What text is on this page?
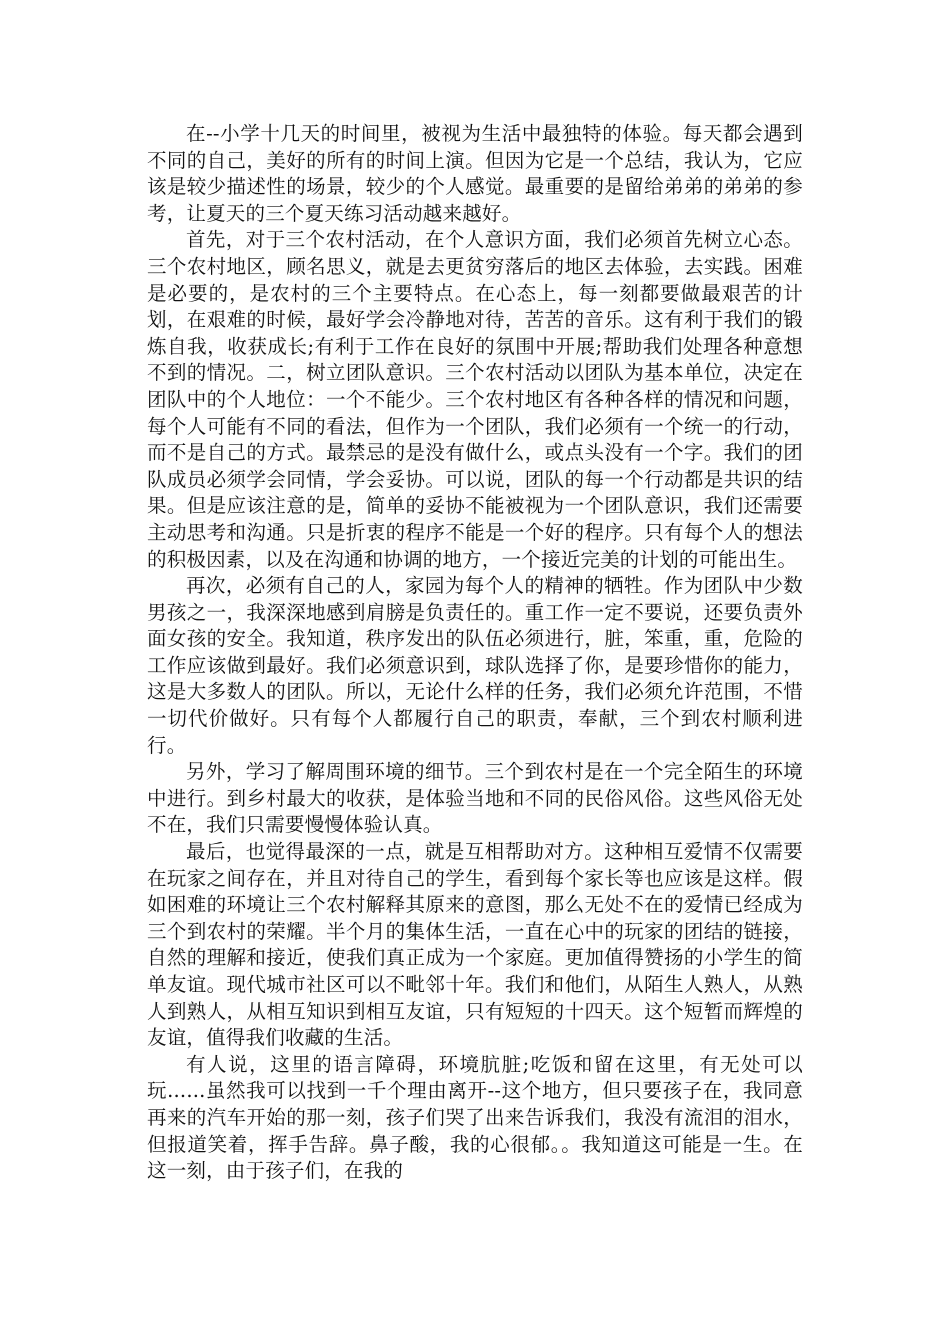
在--小学十几天的时间里，被视为生活中最独特的体验。每天都会遇到不同的自己，美好的所有的时间上演。但因为它是一个总结，我认为，它应该是较少描述性的场景，较少的个人感觉。最重要的是留给弟弟的弟弟的参考，让夏天的三个夏天练习活动越来越好。

首先，对于三个农村活动，在个人意识方面，我们必须首先树立心态。三个农村地区，顾名思义，就是去更贫穷落后的地区去体验，去实践。困难是必要的，是农村的三个主要特点。在心态上，每一刻都要做最艰苦的计划，在艰难的时候，最好学会冷静地对待，苦苦的音乐。这有利于我们的锻炼自我，收获成长;有利于工作在良好的氛围中开展;帮助我们处理各种意想不到的情况。二，树立团队意识。三个农村活动以团队为基本单位，决定在团队中的个人地位：一个不能少。三个农村地区有各种各样的情况和问题，每个人可能有不同的看法，但作为一个团队，我们必须有一个统一的行动，而不是自己的方式。最禁忌的是没有做什么，或点头没有一个字。我们的团队成员必须学会同情，学会妥协。可以说，团队的每一个行动都是共识的结果。但是应该注意的是，简单的妥协不能被视为一个团队意识，我们还需要主动思考和沟通。只是折衷的程序不能是一个好的程序。只有每个人的想法的积极因素，以及在沟通和协调的地方，一个接近完美的计划的可能出生。

再次，必须有自己的人，家园为每个人的精神的牺牲。作为团队中少数男孩之一，我深深地感到肩膀是负责任的。重工作一定不要说，还要负责外面女孩的安全。我知道，秩序发出的队伍必须进行，脏，笨重，重，危险的工作应该做到最好。我们必须意识到，球队选择了你，是要珍惜你的能力，这是大多数人的团队。所以，无论什么样的任务，我们必须允许范围，不惜一切代价做好。只有每个人都履行自己的职责，奉献，三个到农村顺利进行。

另外，学习了解周围环境的细节。三个到农村是在一个完全陌生的环境中进行。到乡村最大的收获，是体验当地和不同的民俗风俗。这些风俗无处不在，我们只需要慢慢体验认真。

最后，也觉得最深的一点，就是互相帮助对方。这种相互爱情不仅需要在玩家之间存在，并且对待自己的学生，看到每个家长等也应该是这样。假如困难的环境让三个农村解释其原来的意图，那么无处不在的爱情已经成为三个到农村的荣耀。半个月的集体生活，一直在心中的玩家的团结的链接，自然的理解和接近，使我们真正成为一个家庭。更加值得赞扬的小学生的简单友谊。现代城市社区可以不毗邻十年。我们和他们，从陌生人熟人，从熟人到熟人，从相互知识到相互友谊，只有短短的十四天。这个短暂而辉煌的友谊，值得我们收藏的生活。

有人说，这里的语言障碍，环境肮脏;吃饭和留在这里，有无处可以玩......虽然我可以找到一千个理由离开--这个地方，但只要孩子在，我同意再来的汽车开始的那一刻，孩子们哭了出来告诉我们，我没有流泪的泪水，但报道笑着，挥手告辞。鼻子酸，我的心很郁。。我知道这可能是一生。在这一刻，由于孩子们，在我的
